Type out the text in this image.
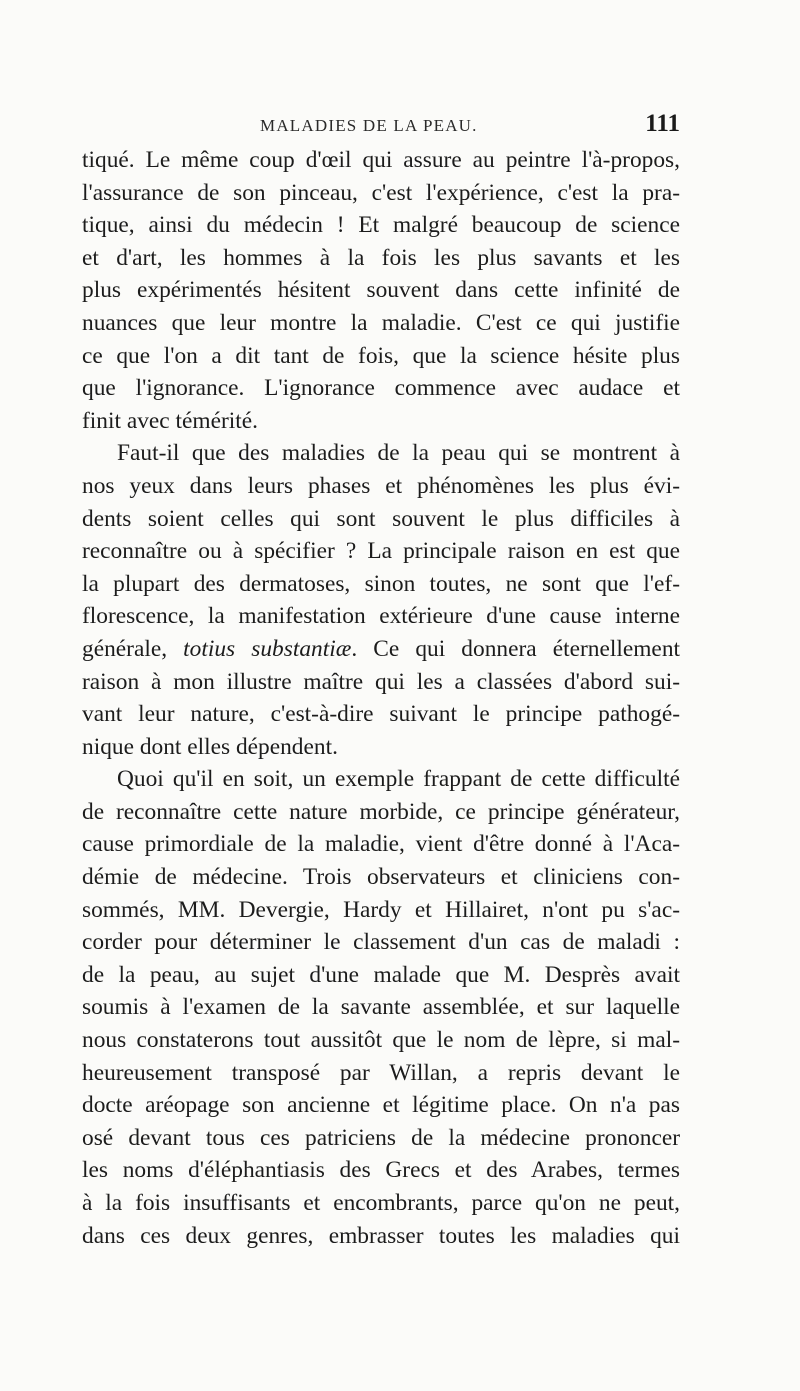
MALADIES DE LA PEAU.	111
tiqué. Le même coup d'œil qui assure au peintre l'à-propos,
l'assurance de son pinceau, c'est l'expérience, c'est la pra-
tique, ainsi du médecin ! Et malgré beaucoup de science
et d'art, les hommes à la fois les plus savants et les
plus expérimentés hésitent souvent dans cette infinité de
nuances que leur montre la maladie. C'est ce qui justifie
ce que l'on a dit tant de fois, que la science hésite plus
que l'ignorance. L'ignorance commence avec audace et
finit avec témérité.
Faut-il que des maladies de la peau qui se montrent à
nos yeux dans leurs phases et phénomènes les plus évi-
dents soient celles qui sont souvent le plus difficiles à
reconnaître ou à spécifier ? La principale raison en est que
la plupart des dermatoses, sinon toutes, ne sont que l'ef-
florescence, la manifestation extérieure d'une cause interne
générale, totius substantiæ. Ce qui donnera éternellement
raison à mon illustre maître qui les a classées d'abord sui-
vant leur nature, c'est-à-dire suivant le principe pathogé-
nique dont elles dépendent.
Quoi qu'il en soit, un exemple frappant de cette difficulté
de reconnaître cette nature morbide, ce principe générateur,
cause primordiale de la maladie, vient d'être donné à l'Aca-
démie de médecine. Trois observateurs et cliniciens con-
sommés, MM. Devergie, Hardy et Hillairet, n'ont pu s'ac-
corder pour déterminer le classement d'un cas de maladi :
de la peau, au sujet d'une malade que M. Desprès avait
soumis à l'examen de la savante assemblée, et sur laquelle
nous constaterons tout aussitôt que le nom de lèpre, si mal-
heureusement transposé par Willan, a repris devant le
docte aréopage son ancienne et légitime place. On n'a pas
osé devant tous ces patriciens de la médecine prononcer
les noms d'éléphantiasis des Grecs et des Arabes, termes
à la fois insuffisants et encombrants, parce qu'on ne peut,
dans ces deux genres, embrasser toutes les maladies qui
